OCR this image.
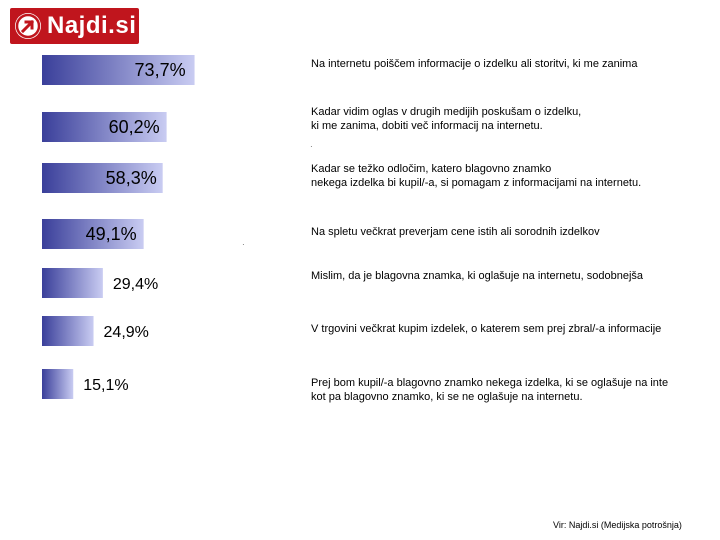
Najdi.si
73,7%
60,2%
58,3%
49,1%
29,4%
24,9%
15,1%
Na internetu poiščem informacije o izdelku ali storitvi, ki me zanima
Kadar vidim oglas v drugih medijih poskušam o izdelku,
ki me zanima, dobiti več informacij na internetu.
Kadar se težko odločim, katero blagovno znamko
nekega izdelka bi kupil/-a, si pomagam z informacijami na internetu.
Na spletu večkrat preverjam cene istih ali sorodnih izdelkov
Mislim, da je blagovna znamka, ki oglašuje na internetu, sodobnejša
V trgovini večkrat kupim izdelek, o katerem sem prej zbral/-a informacije
Prej bom kupil/-a blagovno znamko nekega izdelka, ki se oglašuje na inte
kot pa blagovno znamko, ki se ne oglašuje na internetu.
·
·
Vir: Najdi.si (Medijska potrošnja)
